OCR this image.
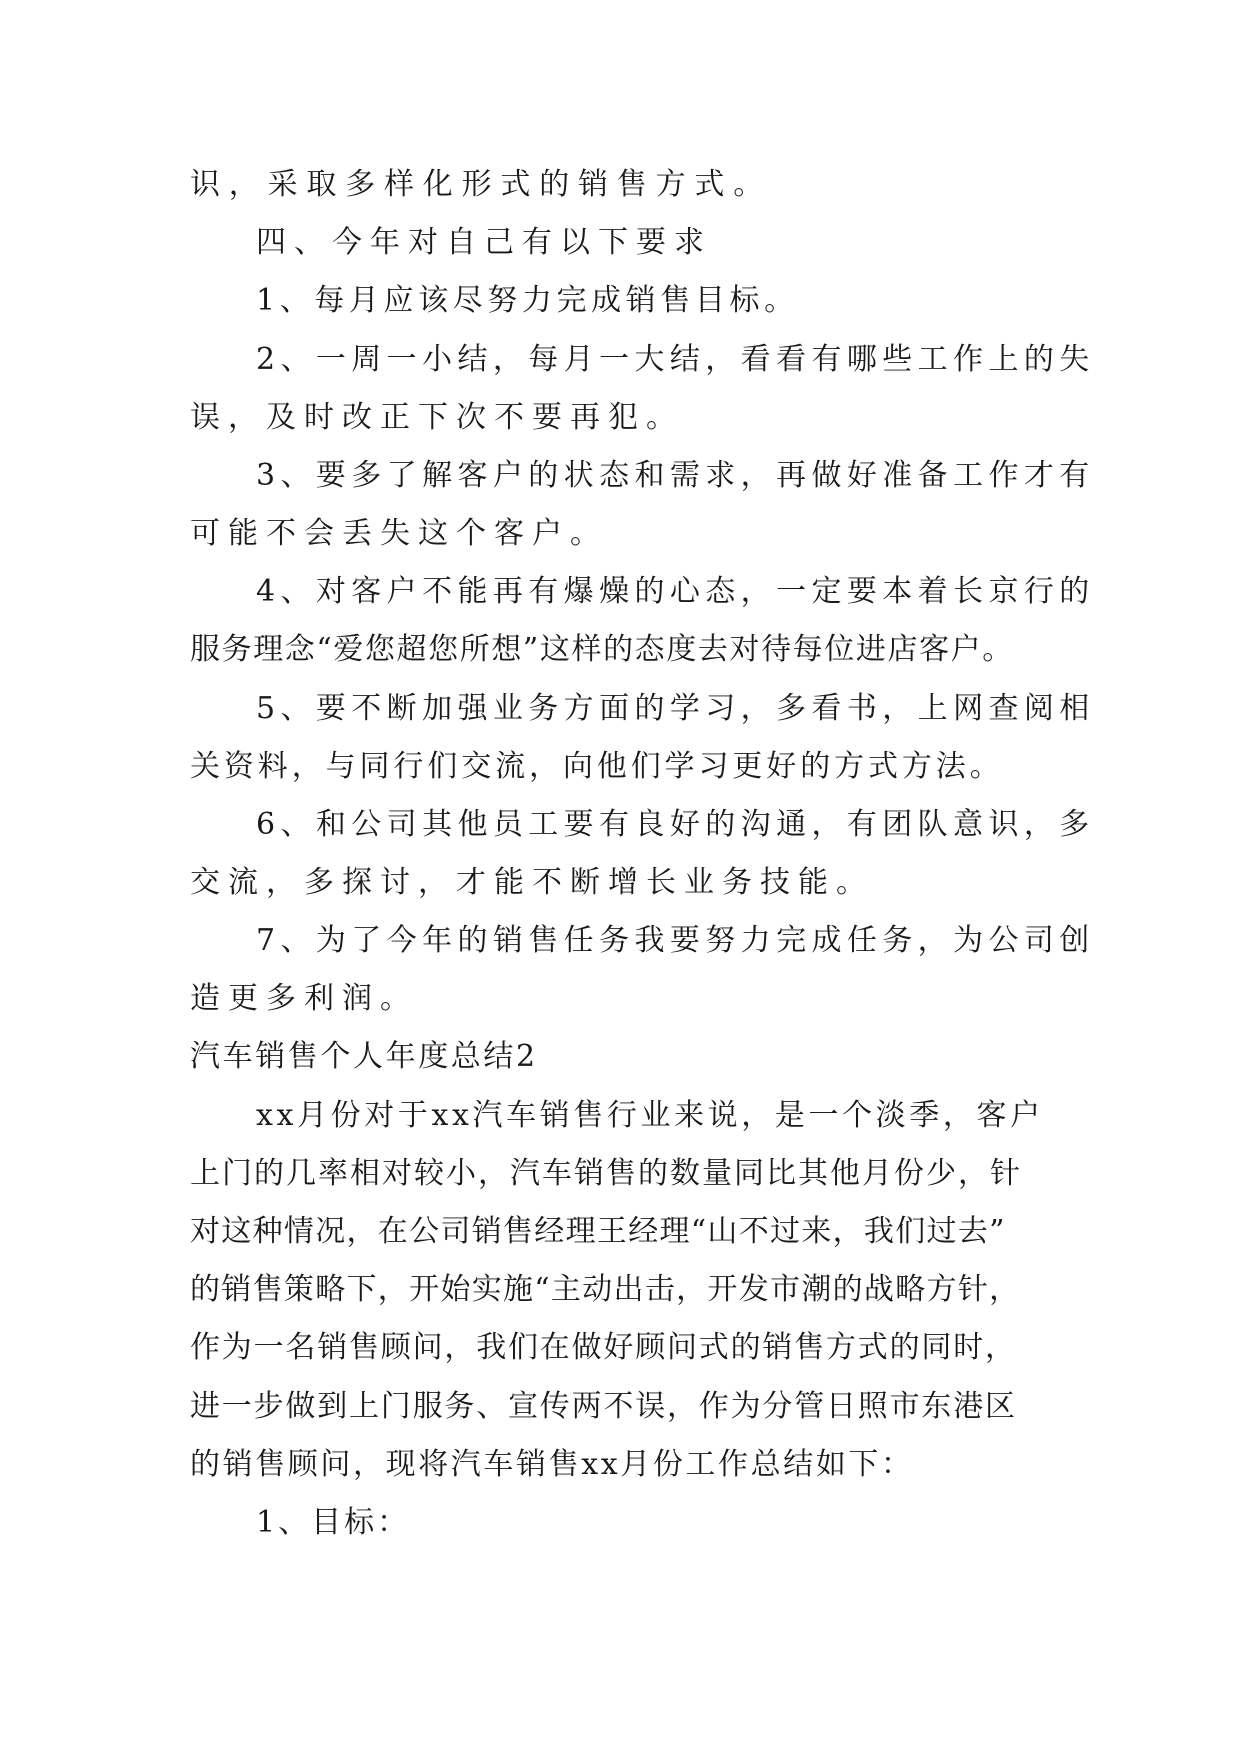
识，采取多样化形式的销售方式。

四、今年对自己有以下要求

1、每月应该尽努力完成销售目标。

2、一周一小结，每月一大结，看看有哪些工作上的失

误，及时改正下次不要再犯。

3、要多了解客户的状态和需求，再做好准备工作才有

可能不会丢失这个客户。

4、对客户不能再有爆燥的心态，一定要本着长京行的

服务理念“爱您超您所想”这样的态度去对待每位进店客户。

5、要不断加强业务方面的学习，多看书，上网查阅相

关资料，与同行们交流，向他们学习更好的方式方法。

6、和公司其他员工要有良好的沟通，有团队意识，多

交流，多探讨，才能不断增长业务技能。

7、为了今年的销售任务我要努力完成任务，为公司创

造更多利润。

汽车销售个人年度总结2

xx月份对于xx汽车销售行业来说，是一个淡季，客户

上门的几率相对较小，汽车销售的数量同比其他月份少，针

对这种情况，在公司销售经理王经理“山不过来，我们过去”

的销售策略下，开始实施“主动出击，开发市潮的战略方针，

作为一名销售顾问，我们在做好顾问式的销售方式的同时，

进一步做到上门服务、宣传两不误，作为分管日照市东港区

的销售顾问，现将汽车销售xx月份工作总结如下：

1、目标：
